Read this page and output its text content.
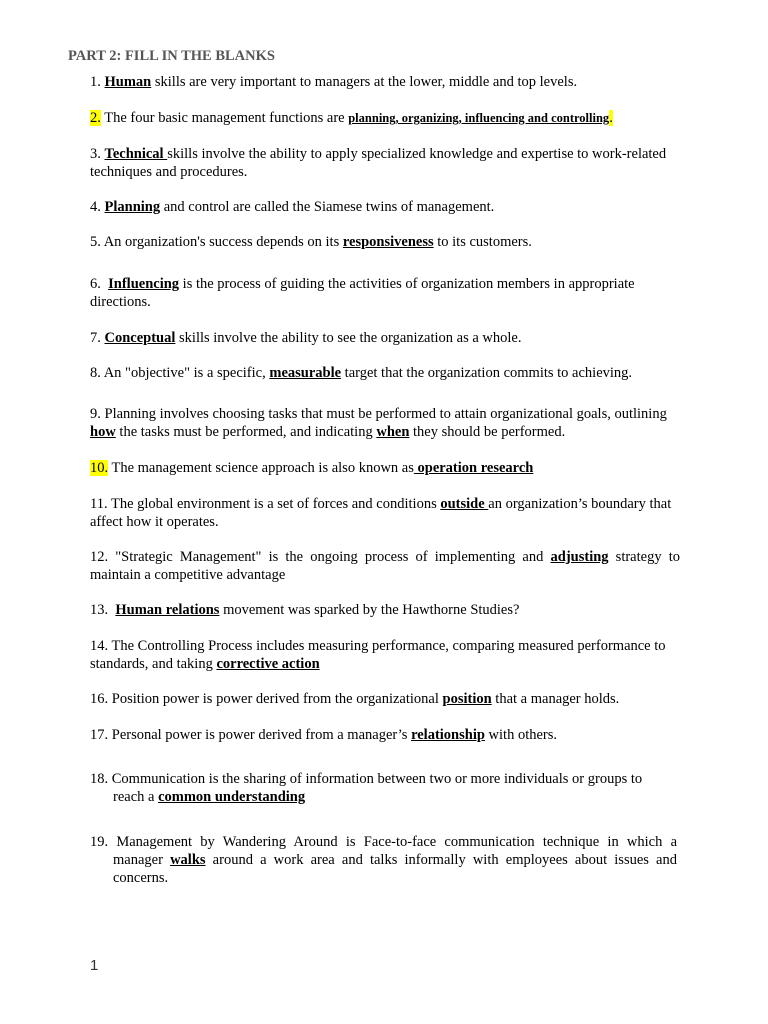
PART 2: FILL IN THE BLANKS
1. Human skills are very important to managers at the lower, middle and top levels.
2. The four basic management functions are planning, organizing, influencing and controlling.
3. Technical skills involve the ability to apply specialized knowledge and expertise to work-related techniques and procedures.
4. Planning and control are called the Siamese twins of management.
5. An organization's success depends on its responsiveness to its customers.
6. Influencing is the process of guiding the activities of organization members in appropriate directions.
7. Conceptual skills involve the ability to see the organization as a whole.
8. An "objective" is a specific, measurable target that the organization commits to achieving.
9. Planning involves choosing tasks that must be performed to attain organizational goals, outlining how the tasks must be performed, and indicating when they should be performed.
10. The management science approach is also known as operation research
11. The global environment is a set of forces and conditions outside an organization’s boundary that affect how it operates.
12. "Strategic Management" is the ongoing process of implementing and adjusting strategy to maintain a competitive advantage
13. Human relations movement was sparked by the Hawthorne Studies?
14. The Controlling Process includes measuring performance, comparing measured performance to standards, and taking corrective action
16. Position power is power derived from the organizational position that a manager holds.
17. Personal power is power derived from a manager’s relationship with others.
18. Communication is the sharing of information between two or more individuals or groups to reach a common understanding
19. Management by Wandering Around is Face-to-face communication technique in which a manager walks around a work area and talks informally with employees about issues and concerns.
1
